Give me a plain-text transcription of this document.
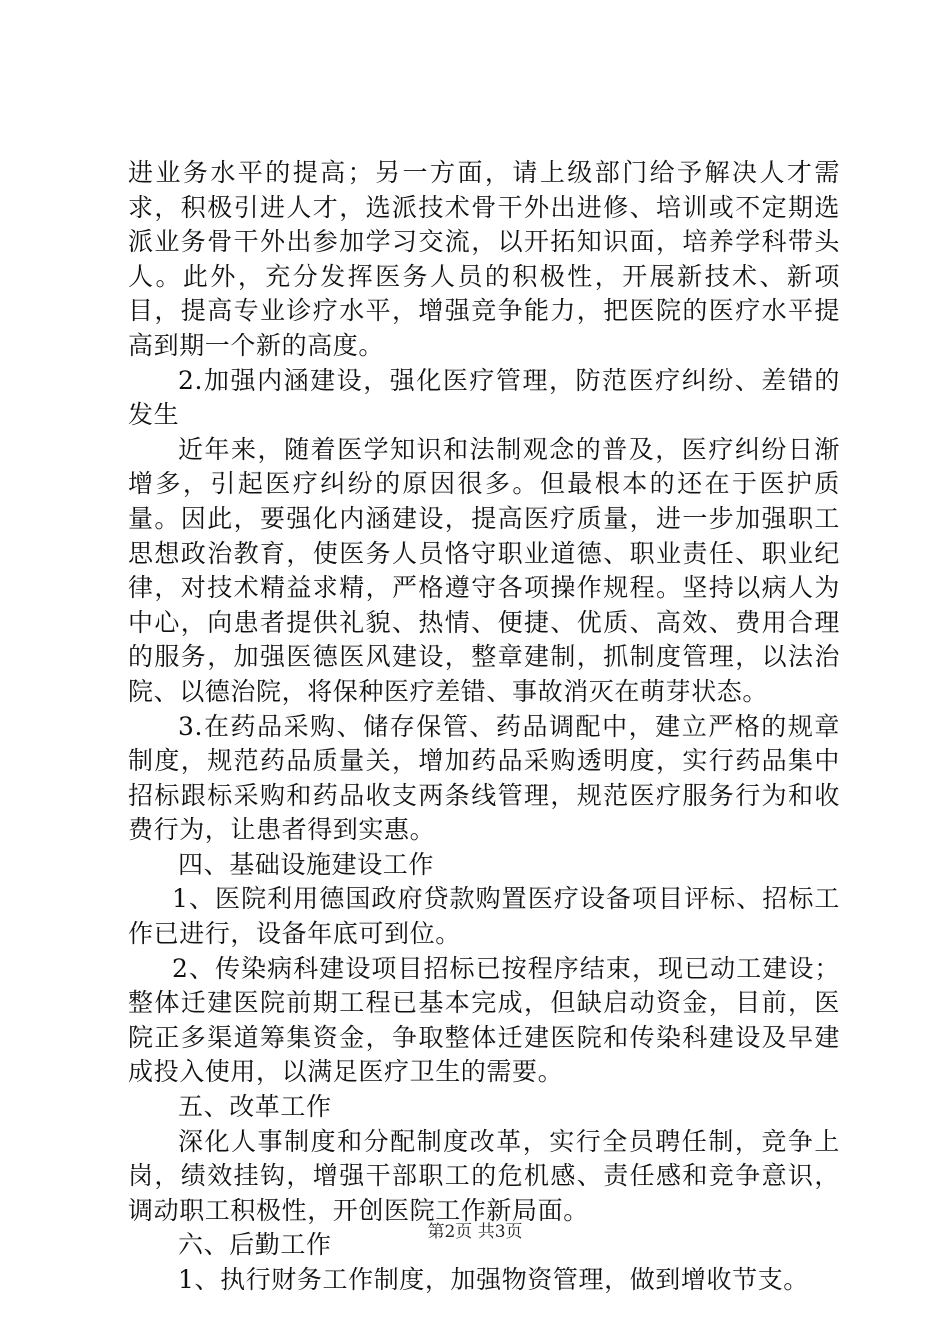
进业务水平的提高；另一方面，请上级部门给予解决人才需求，积极引进人才，选派技术骨干外出进修、培训或不定期选派业务骨干外出参加学习交流，以开拓知识面，培养学科带头人。此外，充分发挥医务人员的积极性，开展新技术、新项目，提高专业诊疗水平，增强竞争能力，把医院的医疗水平提高到期一个新的高度。

2.加强内涵建设，强化医疗管理，防范医疗纠纷、差错的发生

近年来，随着医学知识和法制观念的普及，医疗纠纷日渐增多，引起医疗纠纷的原因很多。但最根本的还在于医护质量。因此，要强化内涵建设，提高医疗质量，进一步加强职工思想政治教育，使医务人员恪守职业道德、职业责任、职业纪律，对技术精益求精，严格遵守各项操作规程。坚持以病人为中心，向患者提供礼貌、热情、便捷、优质、高效、费用合理的服务，加强医德医风建设，整章建制，抓制度管理，以法治院、以德治院，将保种医疗差错、事故消灭在萌芽状态。

3.在药品采购、储存保管、药品调配中，建立严格的规章制度，规范药品质量关，增加药品采购透明度，实行药品集中招标跟标采购和药品收支两条线管理，规范医疗服务行为和收费行为，让患者得到实惠。

四、基础设施建设工作

1、医院利用德国政府贷款购置医疗设备项目评标、招标工作已进行，设备年底可到位。

2、传染病科建设项目招标已按程序结束，现已动工建设；整体迁建医院前期工程已基本完成，但缺启动资金，目前，医院正多渠道筹集资金，争取整体迁建医院和传染科建设及早建成投入使用，以满足医疗卫生的需要。

五、改革工作

深化人事制度和分配制度改革，实行全员聘任制，竞争上岗，绩效挂钩，增强干部职工的危机感、责任感和竞争意识，调动职工积极性，开创医院工作新局面。

六、后勤工作

1、执行财务工作制度，加强物资管理，做到增收节支。

第2页 共3页
